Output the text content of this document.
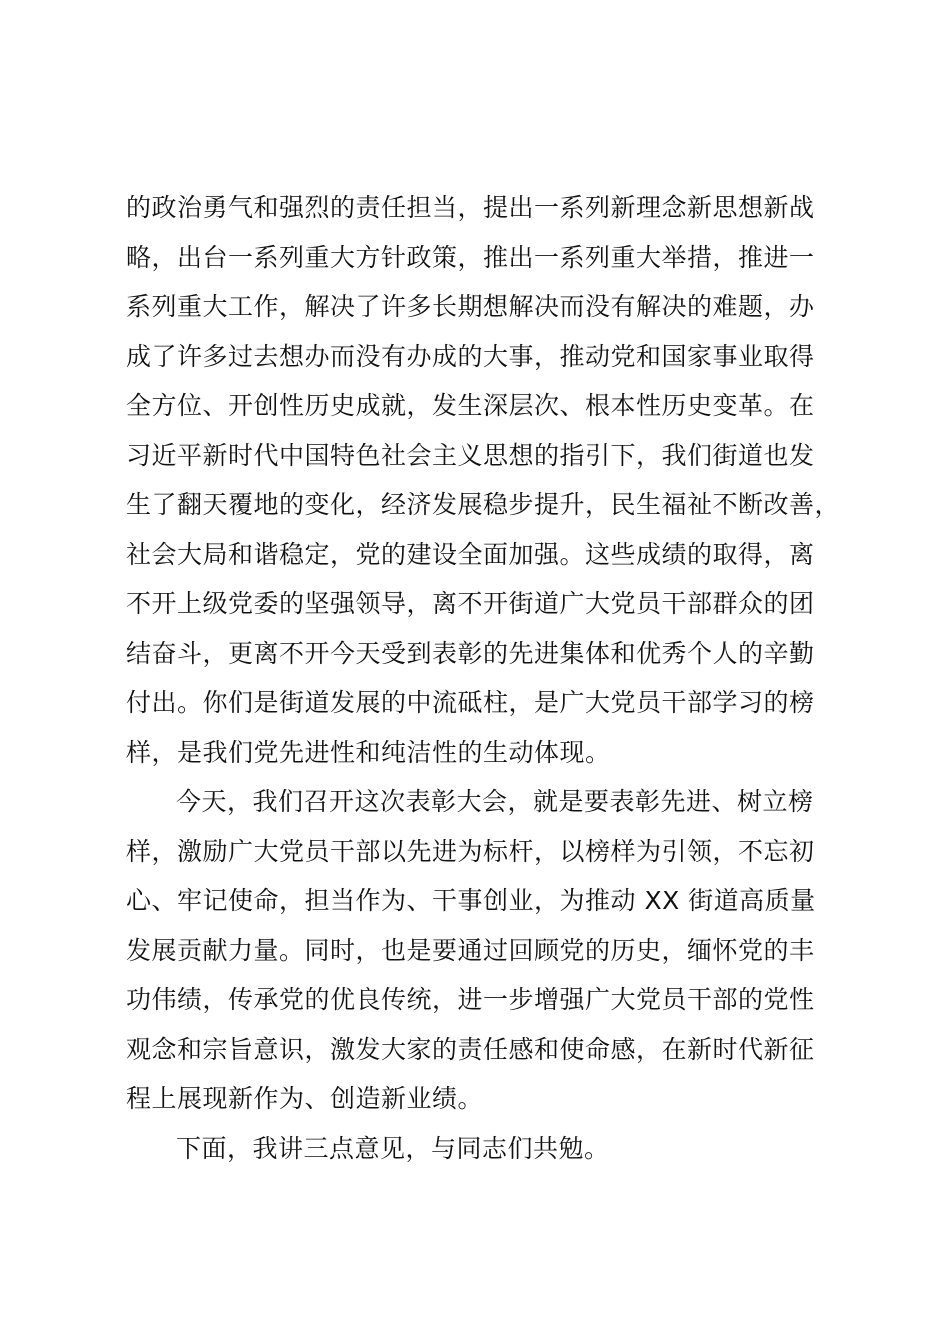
的政治勇气和强烈的责任担当，提出一系列新理念新思想新战
略，出台一系列重大方针政策，推出一系列重大举措，推进一
系列重大工作，解决了许多长期想解决而没有解决的难题，办
成了许多过去想办而没有办成的大事，推动党和国家事业取得
全方位、开创性历史成就，发生深层次、根本性历史变革。在
习近平新时代中国特色社会主义思想的指引下，我们街道也发
生了翻天覆地的变化，经济发展稳步提升，民生福祉不断改善，
社会大局和谐稳定，党的建设全面加强。这些成绩的取得，离
不开上级党委的坚强领导，离不开街道广大党员干部群众的团
结奋斗，更离不开今天受到表彰的先进集体和优秀个人的辛勤
付出。你们是街道发展的中流砥柱，是广大党员干部学习的榜
样，是我们党先进性和纯洁性的生动体现。
今天，我们召开这次表彰大会，就是要表彰先进、树立榜
样，激励广大党员干部以先进为标杆，以榜样为引领，不忘初
心、牢记使命，担当作为、干事创业，为推动 XX 街道高质量
发展贡献力量。同时，也是要通过回顾党的历史，缅怀党的丰
功伟绩，传承党的优良传统，进一步增强广大党员干部的党性
观念和宗旨意识，激发大家的责任感和使命感，在新时代新征
程上展现新作为、创造新业绩。
下面，我讲三点意见，与同志们共勉。
